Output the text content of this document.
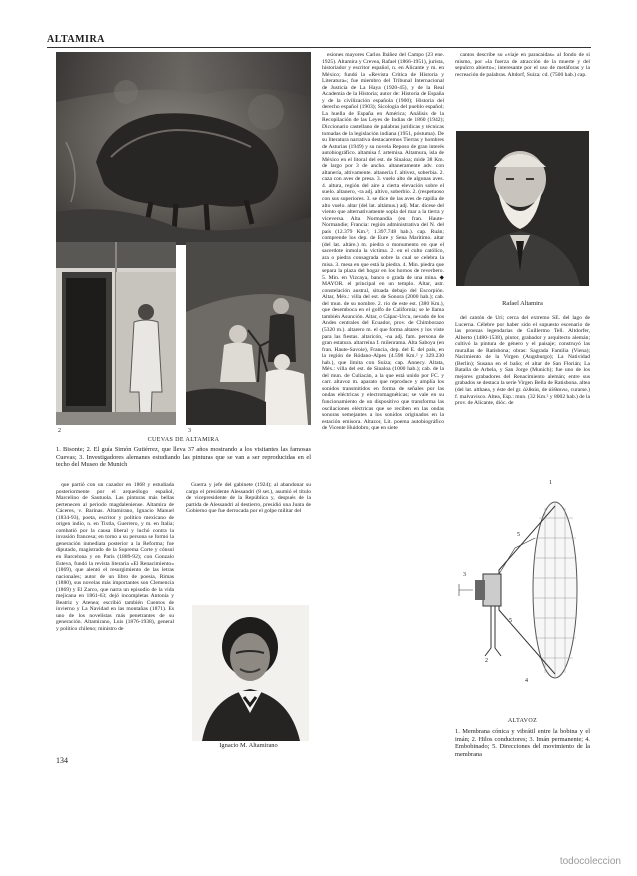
ALTAMIRA
2	3
CUEVAS DE ALTAMIRA
1. Bisonte; 2. El guía Simón Gutiérrez, que lleva 37 años mostrando a los visitantes las famosas Cuevas; 3. Investigadores alemanes estudiando las pinturas que se van a ser reproducidas en el techo del Museo de Munich

que partió con un cazador en 1868 y estudiada posteriormente por el arqueólogo español, Marcelino de Sautuola. Las pinturas más bellas pertenecen al período magdaleniense. Altamira de Cáceres, v. Barinas. Altamirano, Ignacio Manuel (1834-93), poeta, escritor y político mexicano de origen indio, n. en Tixtla, Guerrero, y m. en Italia; combatió por la causa liberal y luchó contra la invasión francesa; en torno a su persona se formó la generación inmediata posterior a la Reforma; fue diputado, magistrado de la Suprema Corte y cónsul en Barcelona y en París (1889-92); con Gonzalo Esteva, fundó la revista literaria «El Renacimiento» (1869), que alentó el resurgimiento de las letras nacionales; autor de un libro de poesía, Rimas (1880), sus novelas más importantes son Clemencia (1869) y El Zarco, que narra un episodio de la vida mejicana en 1861-63; dejó incompletas Antonia y Beatriz y Atenea; escribió también Cuentos de invierno y La Navidad en las montañas (1871). Es uno de los novelistas más penetrantes de su generación. Altamirano, Luis (1876-1938), general y político chileno; ministro de

Guerra y jefe del gabinete (1924); al abandonar su cargo el presidente Alessandri (8 set.), asumió el título de vicepresidente de la República y, después de la partida de Alessandri al destierro, presidió una Junta de Gobierno que fue derrocada por el golpe militar del

Ignacio M. Altamirano

esiones mayores Carlos Ibáñez del Campo (23 ene. 1925). Altamira y Crevea, Rafael (1866-1951), jurista, historiador y escritor español, n. en Alicante y m. en México; fundó la «Revista Crítica de Historia y Literatura»; fue miembro del Tribunal Internacional de Justicia de La Haya (1920-45), y de la Real Academia de la Historia; autor de: Historia de España y de la civilización española (1900); Historia del derecho español (1903); Sicología del pueblo español; La huella de España en América; Análisis de la Recopilación de las Leyes de Indias de 1860 (1942); Diccionario castellano de palabras jurídicas y técnicas tomadas de la legislación indiana (1951, póstuma). De su literatura narrativa destacaremos Tierras y hombres de Asturias (1949) y su novela Reposo de gran interés autobiográfico. altamisa f. artemisa. Altamura, isla de México en el litoral del est. de Sinaloa; mide 38 Km. de largo por 3 de ancho. altaneramente adv. con altanería, altivamente. altanería f. altivez, soberbia. 2. caza con aves de presa. 3. vuelo alto de algunas aves. 4. altura, región del aire a cierta elevación sobre el suelo. altanero, -ra adj. altivo, soberbio. 2. (respetuoso con sus superiores. 3. se dice de las aves de rapiña de alto vuelo. altar (del lat. altámus.) adj. Mar. dícese del viento que alternativamente sopla del mar a la tierra y viceversa. Alta Normandía (en fran. Haute-Normandie; Francia: región administrativa del N. del país (12.379 Km.²; 1.397.748 hab.). cap. Ruán; comprende los dep. de Eure y Sena Marítimo. altar (del lat. altáre.) m. piedra o monumento en que el sacerdote inmola la víctima. 2. en el culto católico, ara o piedra consagrada sobre la cual se celebra la misa. 3. mesa en que está la piedra. 4. Min. piedra que separa la plaza del hogar en los hornos de reverbero. 5. Min. en Vizcaya, banco o grada de una mina. ◆ MAYOR. el principal en un templo. Altar, astr. constelación austral, situada debajo del Escorpión. Altar, Méx.: villa del est. de Sonora (2000 hab.); cab. del mun. de su nombre. 2. río de este est. (380 Km.), que desemboca en el golfo de California; se le llama también Asunción. Altar, o Cápac-Urcu, nevado de los Andes centrales del Ecuador, prov. de Chimborazo (5320 m.). altarero m. el que forma altares y los viste para las fiestas. altaricón, -na adj. fam. persona de gran estatura. altarreina f. milenrama. Alta Saboya (en fran. Haute-Savoie), Francia, dep. del E. del país, en la región de Ródano-Alpes (4.598 Km.² y 329.230 hab.), que limita con Suiza; cap. Annecy. Altata, Méx.: villa del est. de Sinaloa (1000 hab.); cab. de la del mun. de Culiacán, a la que está unido por FC. y carr. altavoz m. aparato que reproduce y amplía los sonidos transmitidos en forma de señales por las ondas eléctricas y electromagnéticas; se vale en su funcionamiento de un dispositivo que transforma las oscilaciones eléctricas que se reciben en las ondas sonoras semejantes a los sonidos originados en la estación emisora. Altazor, Lit. poema autobiográfico de Vicente Huidobro, que en siete

cantos describe su «viaje en paracaídas» al fondo de sí mismo, por «la fuerza de atracción de la muerte y del sepulcro abierto»; interesante por el uso de metáforas y la recreación de palabras. Altdorf, Suiza: cd. (7500 hab.) cap.

Rafael Altamira

del cantón de Uri; cerca del extremo SE. del lago de Lucerna. Célebre por haber sido el supuesto escenario de las proezas legendarias de Guillermo Tell. Altdorfer, Alberto (1480-1538), pintor, grabador y arquitecto alemán; cultivó la pintura de género y el paisaje; construyó las murallas de Ratisbona; obras: Sagrada Familia (Viena); Nacimiento de la Virgen (Augsburgo); La Natividad (Berlín); Susana en el baño; el altar de San Florián; La Batalla de Arbela, y San Jorge (Munich); fue uno de los mejores grabadores del Renacimiento alemán; entre sus grabados se destaca la serie Virgen Bella de Ratisbona. altea (del lat. althaea, y éste del gr. άλθαία, de άλθαινω, curarse.) f. malvavisco. Altea, Esp.: mun. (32 Km.² y 8002 hab.) de la prov. de Alicante, dióc. de

1
2
3
4
5
5
ALTAVOZ
1. Membrana cónica y vibrátil entre la bobina y el imán; 2. Hilos conductores; 3. Imán permanente; 4. Embobinado; 5. Direcciones del movimiento de la membrana
134
todocoleccion
